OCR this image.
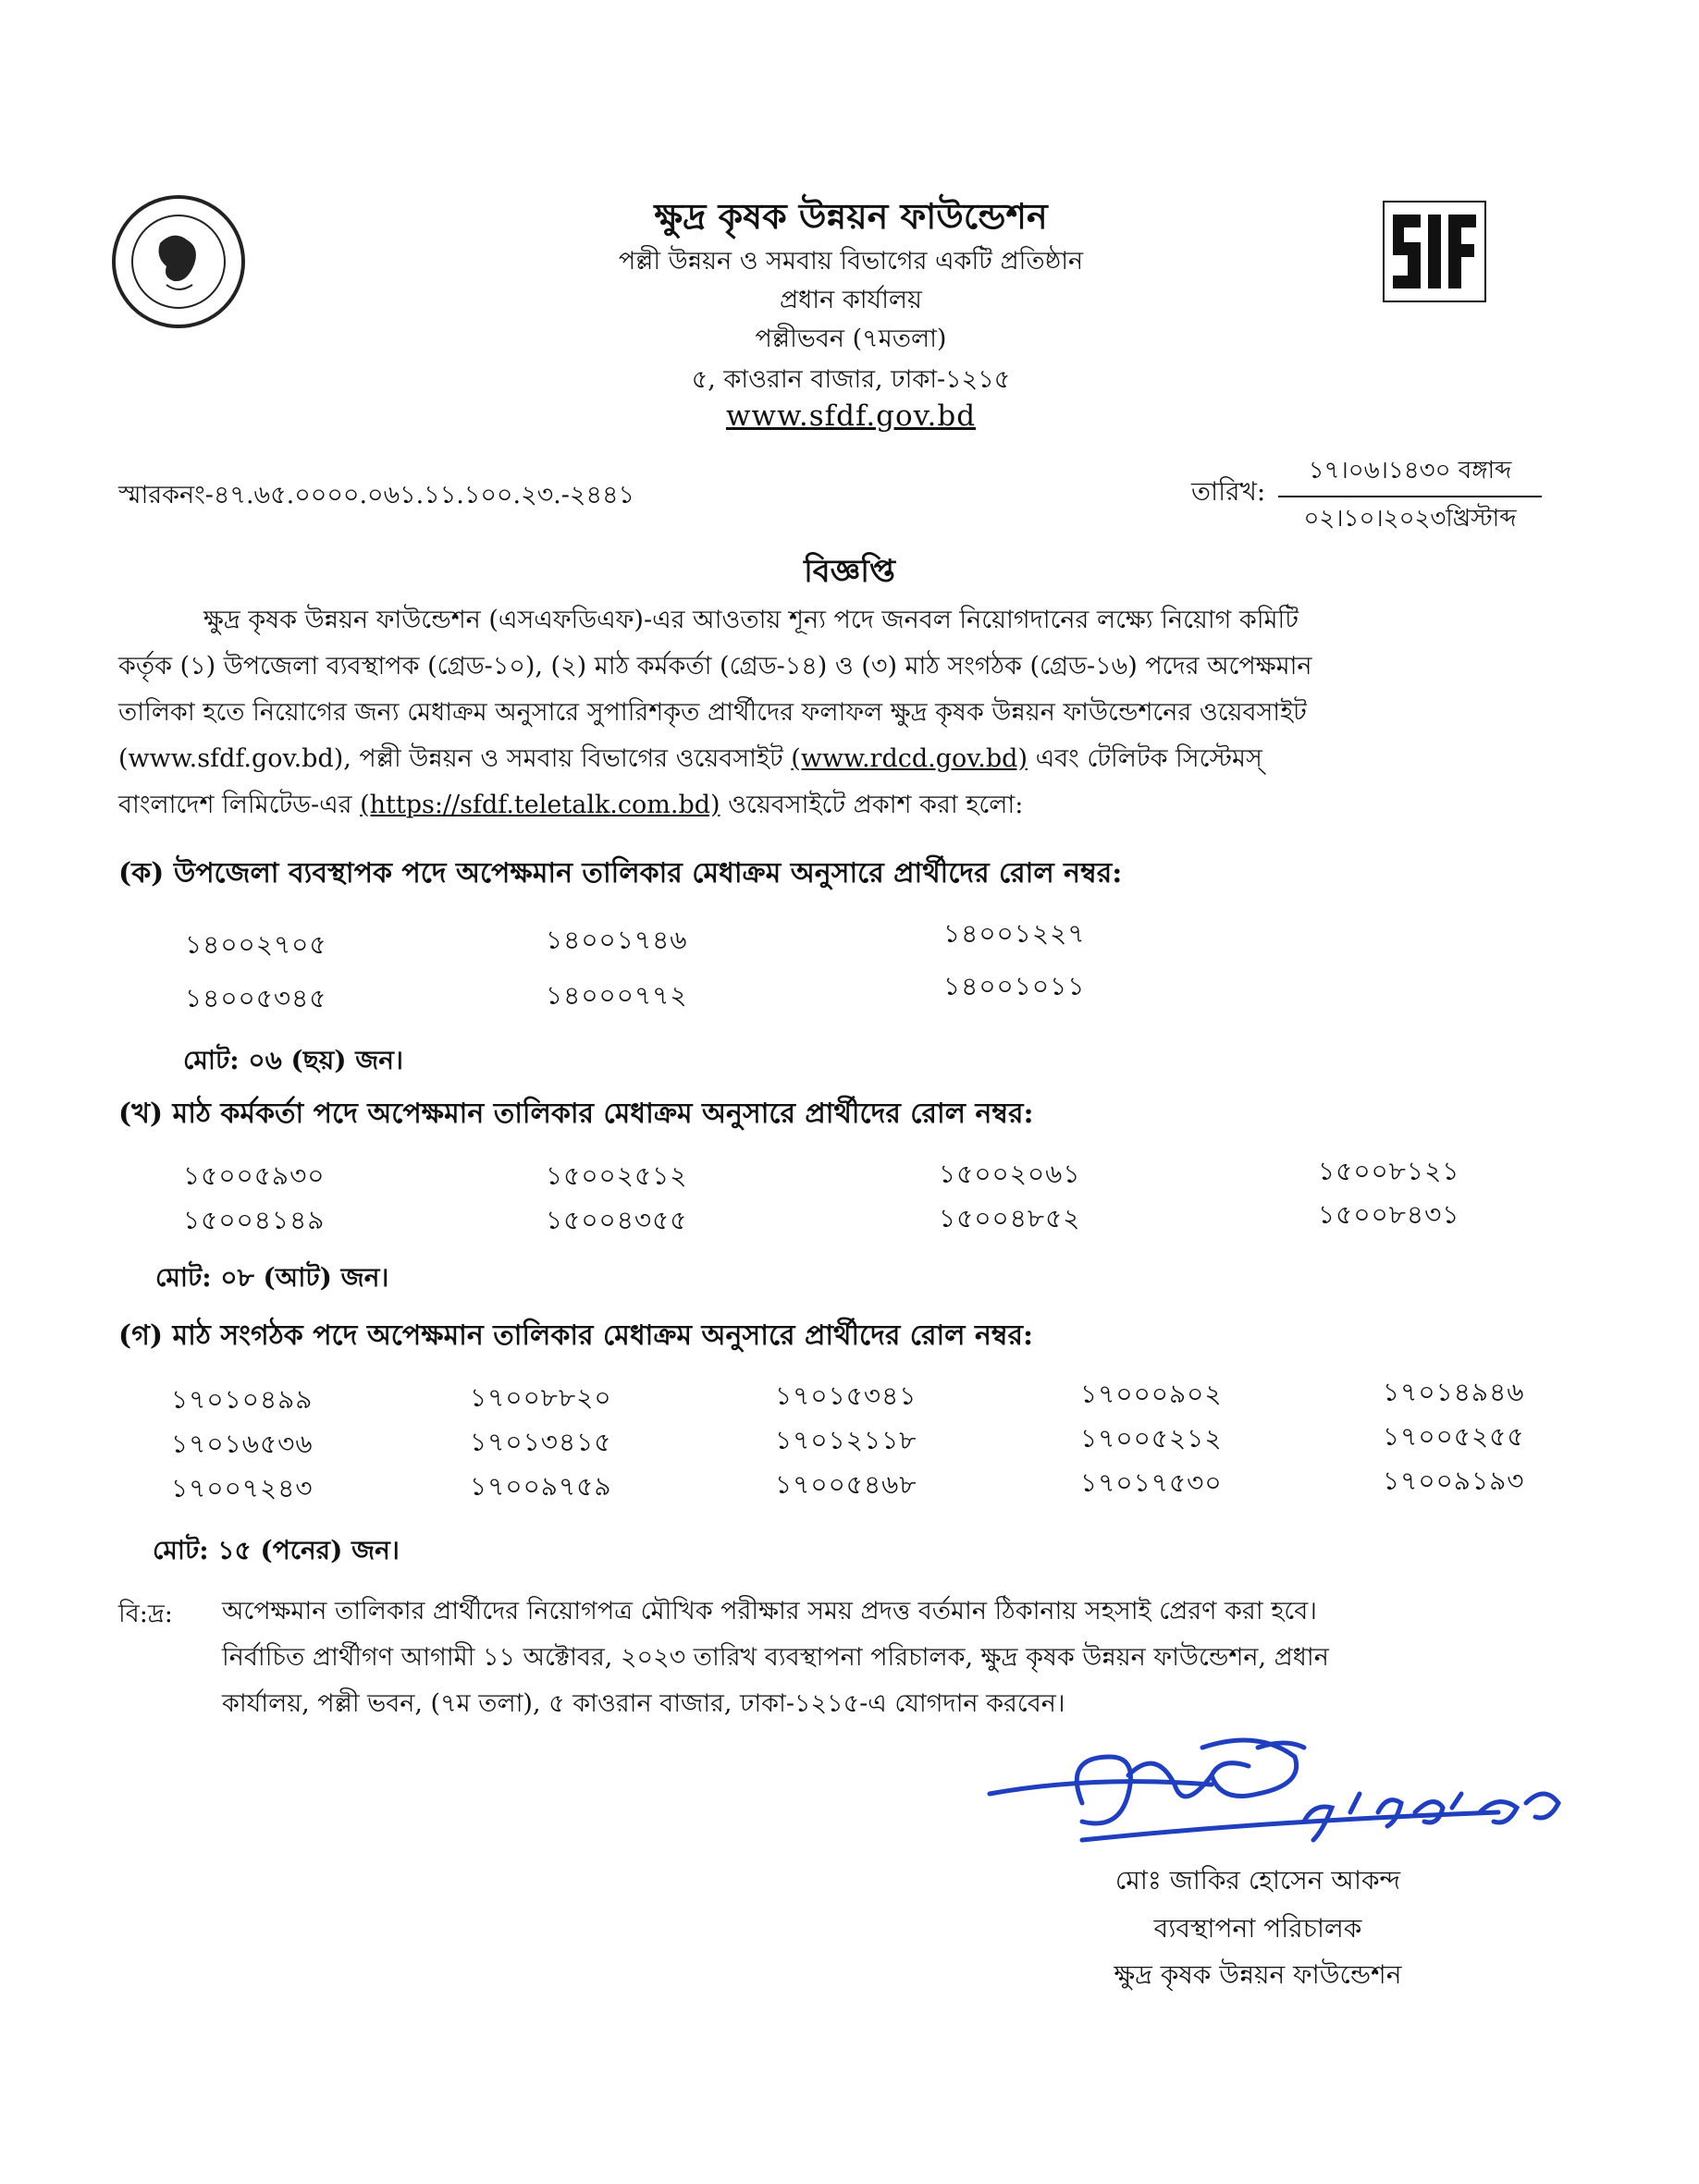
ক্ষুদ্র কৃষক উন্নয়ন ফাউন্ডেশন
পল্লী উন্নয়ন ও সমবায় বিভাগের একটি প্রতিষ্ঠান
প্রধান কার্যালয়
পল্লীভবন (৭মতলা)
৫, কাওরান বাজার, ঢাকা-১২১৫
www.sfdf.gov.bd
স্মারকনং-৪৭.৬৫.০০০০.০৬১.১১.১০০.২৩.-২৪৪১	তারিখ:
১৭।০৬।১৪৩০ বঙ্গাব্দ
০২।১০।২০২৩খ্রিস্টাব্দ
বিজ্ঞপ্তি
ক্ষুদ্র কৃষক উন্নয়ন ফাউন্ডেশন (এসএফডিএফ)-এর আওতায় শূন্য পদে জনবল নিয়োগদানের লক্ষ্যে নিয়োগ কমিটি
কর্তৃক (১) উপজেলা ব্যবস্থাপক (গ্রেড-১০), (২) মাঠ কর্মকর্তা (গ্রেড-১৪) ও (৩) মাঠ সংগঠক (গ্রেড-১৬) পদের অপেক্ষমান
তালিকা হতে নিয়োগের জন্য মেধাক্রম অনুসারে সুপারিশকৃত প্রার্থীদের ফলাফল ক্ষুদ্র কৃষক উন্নয়ন ফাউন্ডেশনের ওয়েবসাইট
(www.sfdf.gov.bd), পল্লী উন্নয়ন ও সমবায় বিভাগের ওয়েবসাইট (www.rdcd.gov.bd) এবং টেলিটক সিস্টেমস্
বাংলাদেশ লিমিটেড-এর (https://sfdf.teletalk.com.bd) ওয়েবসাইটে প্রকাশ করা হলো:
(ক) উপজেলা ব্যবস্থাপক পদে অপেক্ষমান তালিকার মেধাক্রম অনুসারে প্রার্থীদের রোল নম্বর:
১৪০০২৭০৫	১৪০০১৭৪৬	১৪০০১২২৭
১৪০০৫৩৪৫	১৪০০০৭৭২	১৪০০১০১১
মোট: ০৬ (ছয়) জন।
(খ) মাঠ কর্মকর্তা পদে অপেক্ষমান তালিকার মেধাক্রম অনুসারে প্রার্থীদের রোল নম্বর:
১৫০০৫৯৩০	১৫০০২৫১২	১৫০০২০৬১	১৫০০৮১২১
১৫০০৪১৪৯	১৫০০৪৩৫৫	১৫০০৪৮৫২	১৫০০৮৪৩১
মোট: ০৮ (আট) জন।
(গ) মাঠ সংগঠক পদে অপেক্ষমান তালিকার মেধাক্রম অনুসারে প্রার্থীদের রোল নম্বর:
১৭০১০৪৯৯	১৭০০৮৮২০	১৭০১৫৩৪১	১৭০০০৯০২	১৭০১৪৯৪৬
১৭০১৬৫৩৬	১৭০১৩৪১৫	১৭০১২১১৮	১৭০০৫২১২	১৭০০৫২৫৫
১৭০০৭২৪৩	১৭০০৯৭৫৯	১৭০০৫৪৬৮	১৭০১৭৫৩০	১৭০০৯১৯৩
মোট: ১৫ (পনের) জন।
বি:দ্র: অপেক্ষমান তালিকার প্রার্থীদের নিয়োগপত্র মৌখিক পরীক্ষার সময় প্রদত্ত বর্তমান ঠিকানায় সহসাই প্রেরণ করা হবে।
নির্বাচিত প্রার্থীগণ আগামী ১১ অক্টোবর, ২০২৩ তারিখ ব্যবস্থাপনা পরিচালক, ক্ষুদ্র কৃষক উন্নয়ন ফাউন্ডেশন, প্রধান
কার্যালয়, পল্লী ভবন, (৭ম তলা), ৫ কাওরান বাজার, ঢাকা-১২১৫-এ যোগদান করবেন।
মোঃ জাকির হোসেন আকন্দ
ব্যবস্থাপনা পরিচালক
ক্ষুদ্র কৃষক উন্নয়ন ফাউন্ডেশন
